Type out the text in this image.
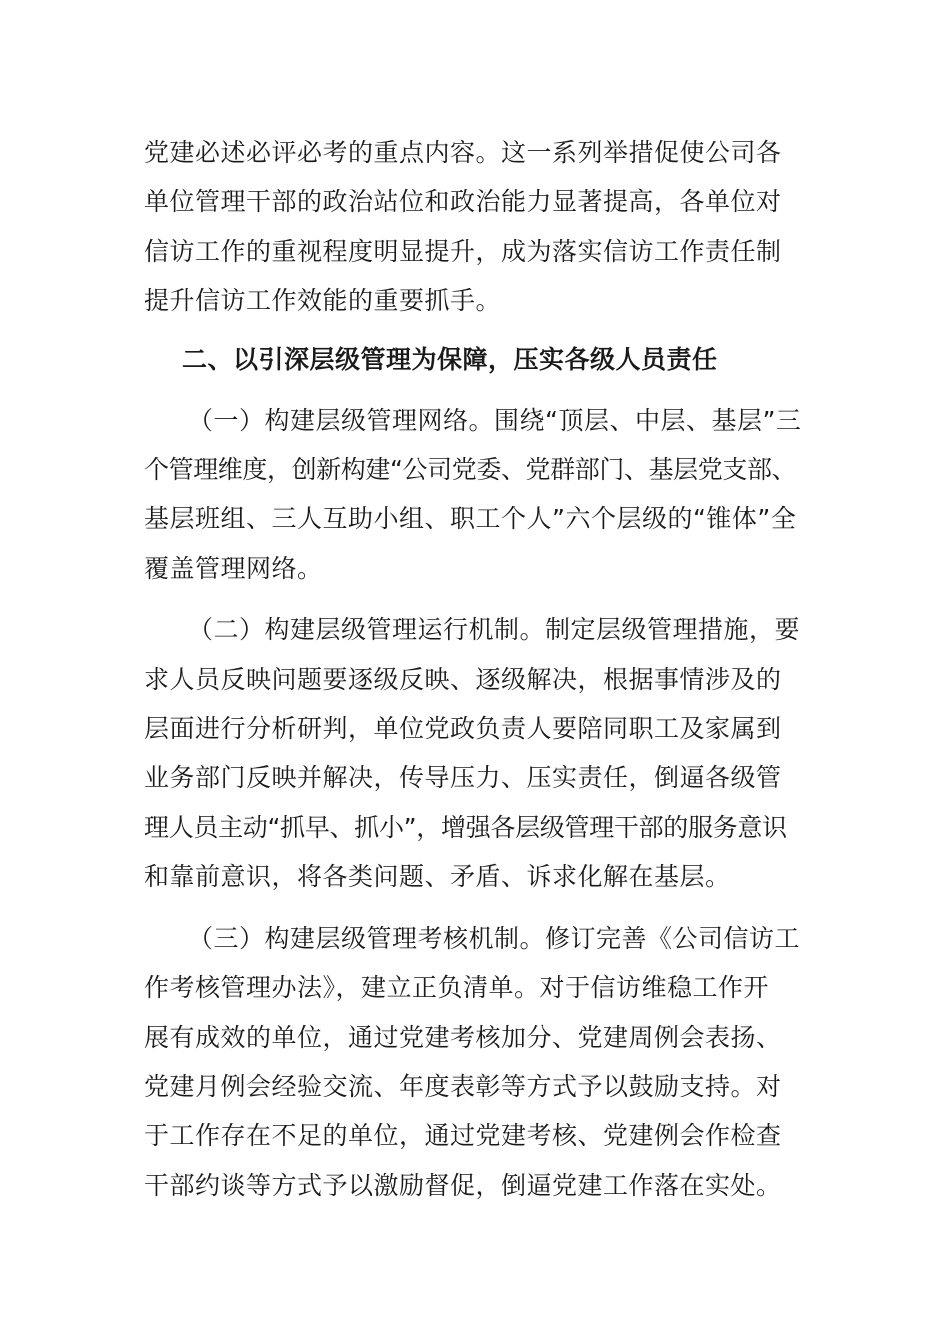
党建必述必评必考的重点内容。这一系列举措促使公司各
单位管理干部的政治站位和政治能力显著提高，各单位对
信访工作的重视程度明显提升，成为落实信访工作责任制
提升信访工作效能的重要抓手。
二、以引深层级管理为保障，压实各级人员责任
（一）构建层级管理网络。围绕“顶层、中层、基层”三
个管理维度，创新构建“公司党委、党群部门、基层党支部、
基层班组、三人互助小组、职工个人”六个层级的“锥体”全
覆盖管理网络。
（二）构建层级管理运行机制。制定层级管理措施，要
求人员反映问题要逐级反映、逐级解决，根据事情涉及的
层面进行分析研判，单位党政负责人要陪同职工及家属到
业务部门反映并解决，传导压力、压实责任，倒逼各级管
理人员主动“抓早、抓小”，增强各层级管理干部的服务意识
和靠前意识，将各类问题、矛盾、诉求化解在基层。
（三）构建层级管理考核机制。修订完善《公司信访工
作考核管理办法》，建立正负清单。对于信访维稳工作开
展有成效的单位，通过党建考核加分、党建周例会表扬、
党建月例会经验交流、年度表彰等方式予以鼓励支持。对
于工作存在不足的单位，通过党建考核、党建例会作检查
干部约谈等方式予以激励督促，倒逼党建工作落在实处。
